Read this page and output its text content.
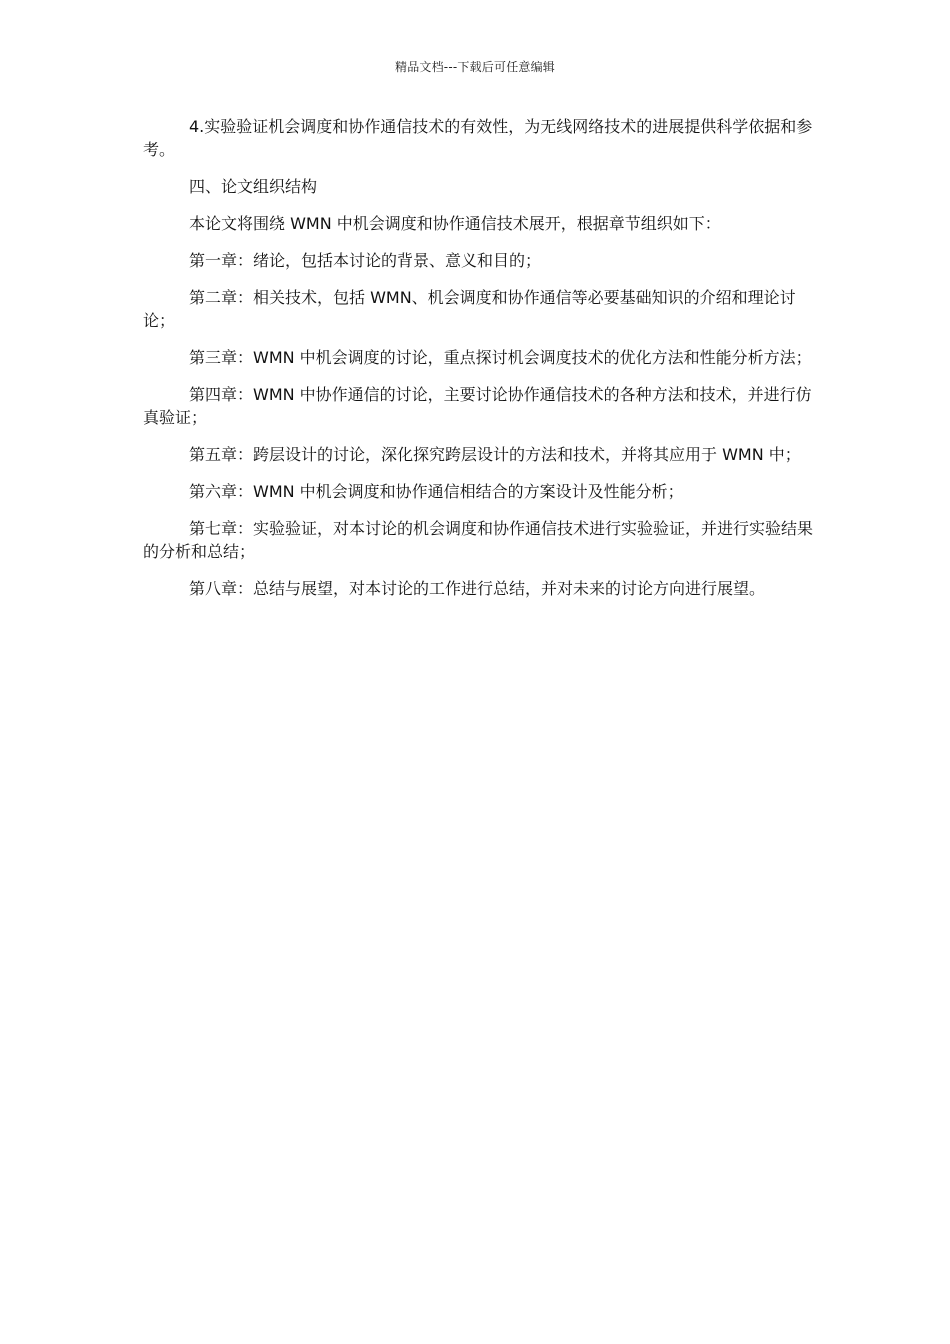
精品文档---下载后可任意编辑

4.实验验证机会调度和协作通信技术的有效性，为无线网络技术的进展提供科学依据和参考。

四、论文组织结构

本论文将围绕 WMN 中机会调度和协作通信技术展开，根据章节组织如下：

第一章：绪论，包括本讨论的背景、意义和目的；

第二章：相关技术，包括 WMN、机会调度和协作通信等必要基础知识的介绍和理论讨论；

第三章：WMN 中机会调度的讨论，重点探讨机会调度技术的优化方法和性能分析方法；

第四章：WMN 中协作通信的讨论，主要讨论协作通信技术的各种方法和技术，并进行仿真验证；

第五章：跨层设计的讨论，深化探究跨层设计的方法和技术，并将其应用于 WMN 中；

第六章：WMN 中机会调度和协作通信相结合的方案设计及性能分析；

第七章：实验验证，对本讨论的机会调度和协作通信技术进行实验验证，并进行实验结果的分析和总结；

第八章：总结与展望，对本讨论的工作进行总结，并对未来的讨论方向进行展望。
